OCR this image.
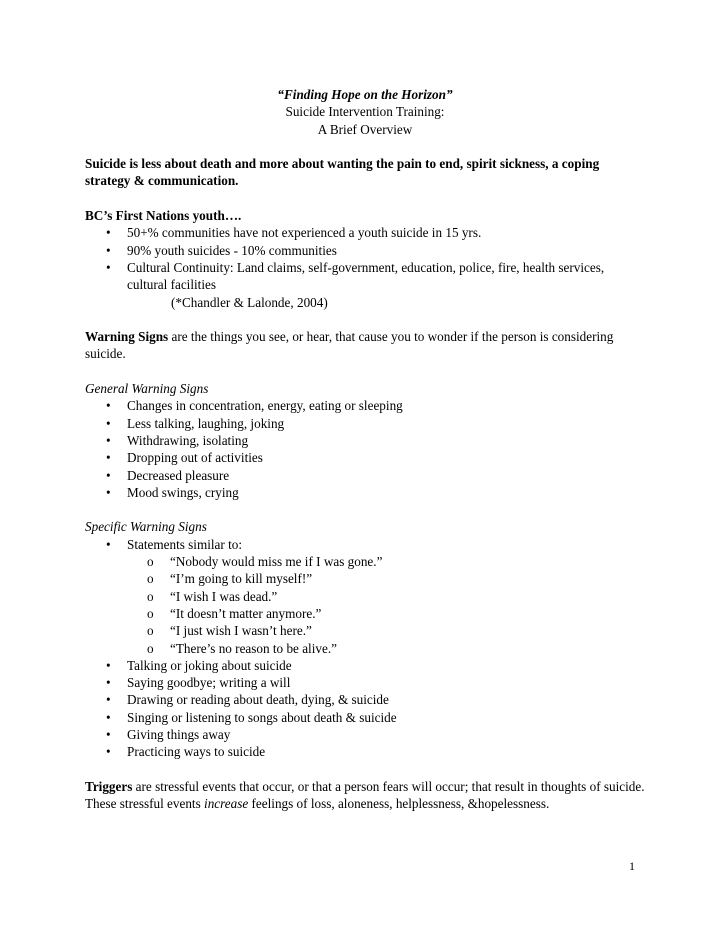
“Finding Hope on the Horizon”

Suicide Intervention Training:

A Brief Overview

Suicide is less about death and more about wanting the pain to end, spirit sickness, a coping strategy & communication.

BC’s First Nations youth….

• 50+% communities have not experienced a youth suicide in 15 yrs.
• 90% youth suicides - 10% communities
• Cultural Continuity: Land claims, self-government, education, police, fire, health services, cultural facilities

(*Chandler & Lalonde, 2004)

Warning Signs are the things you see, or hear, that cause you to wonder if the person is considering suicide.

General Warning Signs

• Changes in concentration, energy, eating or sleeping
• Less talking, laughing, joking
• Withdrawing, isolating
• Dropping out of activities
• Decreased pleasure
• Mood swings, crying

Specific Warning Signs

• Statements similar to:
o “Nobody would miss me if I was gone.”
o “I’m going to kill myself!”
o “I wish I was dead.”
o “It doesn’t matter anymore.”
o “I just wish I wasn’t here.”
o “There’s no reason to be alive.”
• Talking or joking about suicide
• Saying goodbye; writing a will
• Drawing or reading about death, dying, & suicide
• Singing or listening to songs about death & suicide
• Giving things away
• Practicing ways to suicide

Triggers are stressful events that occur, or that a person fears will occur; that result in thoughts of suicide. These stressful events increase feelings of loss, aloneness, helplessness, &hopelessness.

1
